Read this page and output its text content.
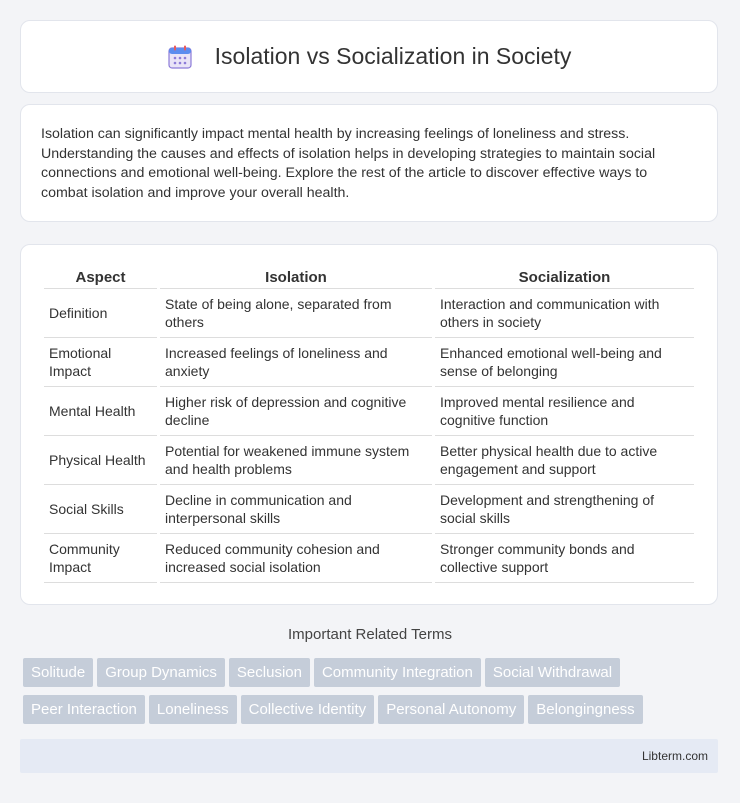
Isolation vs Socialization in Society

Isolation can significantly impact mental health by increasing feelings of loneliness and stress. Understanding the causes and effects of isolation helps in developing strategies to maintain social connections and emotional well-being. Explore the rest of the article to discover effective ways to combat isolation and improve your overall health.

Aspect	Isolation	Socialization
Definition	State of being alone, separated from others	Interaction and communication with others in society
Emotional Impact	Increased feelings of loneliness and anxiety	Enhanced emotional well-being and sense of belonging
Mental Health	Higher risk of depression and cognitive decline	Improved mental resilience and cognitive function
Physical Health	Potential for weakened immune system and health problems	Better physical health due to active engagement and support
Social Skills	Decline in communication and interpersonal skills	Development and strengthening of social skills
Community Impact	Reduced community cohesion and increased social isolation	Stronger community bonds and collective support
Important Related Terms
Solitude Group Dynamics Seclusion Community Integration Social Withdrawal
Peer Interaction Loneliness Collective Identity Personal Autonomy Belongingness
Libterm.com
